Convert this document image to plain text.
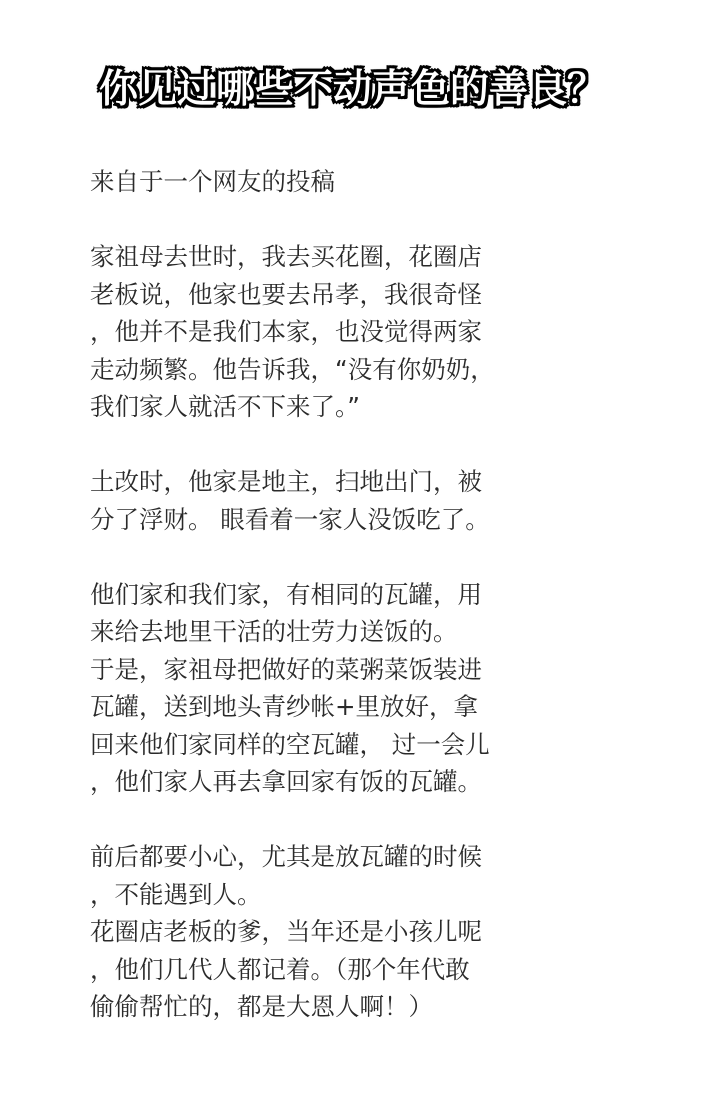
你见过哪些不动声色的善良？
来自于一个网友的投稿
家祖母去世时，我去买花圈，花圈店
老板说，他家也要去吊孝，我很奇怪
，他并不是我们本家，也没觉得两家
走动频繁。他告诉我，“没有你奶奶，
我们家人就活不下来了。”
土改时，他家是地主，扫地出门，被
分了浮财。 眼看着一家人没饭吃了。
他们家和我们家，有相同的瓦罐，用
来给去地里干活的壮劳力送饭的。
于是，家祖母把做好的菜粥菜饭装进
瓦罐，送到地头青纱帐+里放好，拿
回来他们家同样的空瓦罐， 过一会儿
，他们家人再去拿回家有饭的瓦罐。
前后都要小心，尤其是放瓦罐的时候
，不能遇到人。
花圈店老板的爹，当年还是小孩儿呢
，他们几代人都记着。（那个年代敢
偷偷帮忙的，都是大恩人啊！）
